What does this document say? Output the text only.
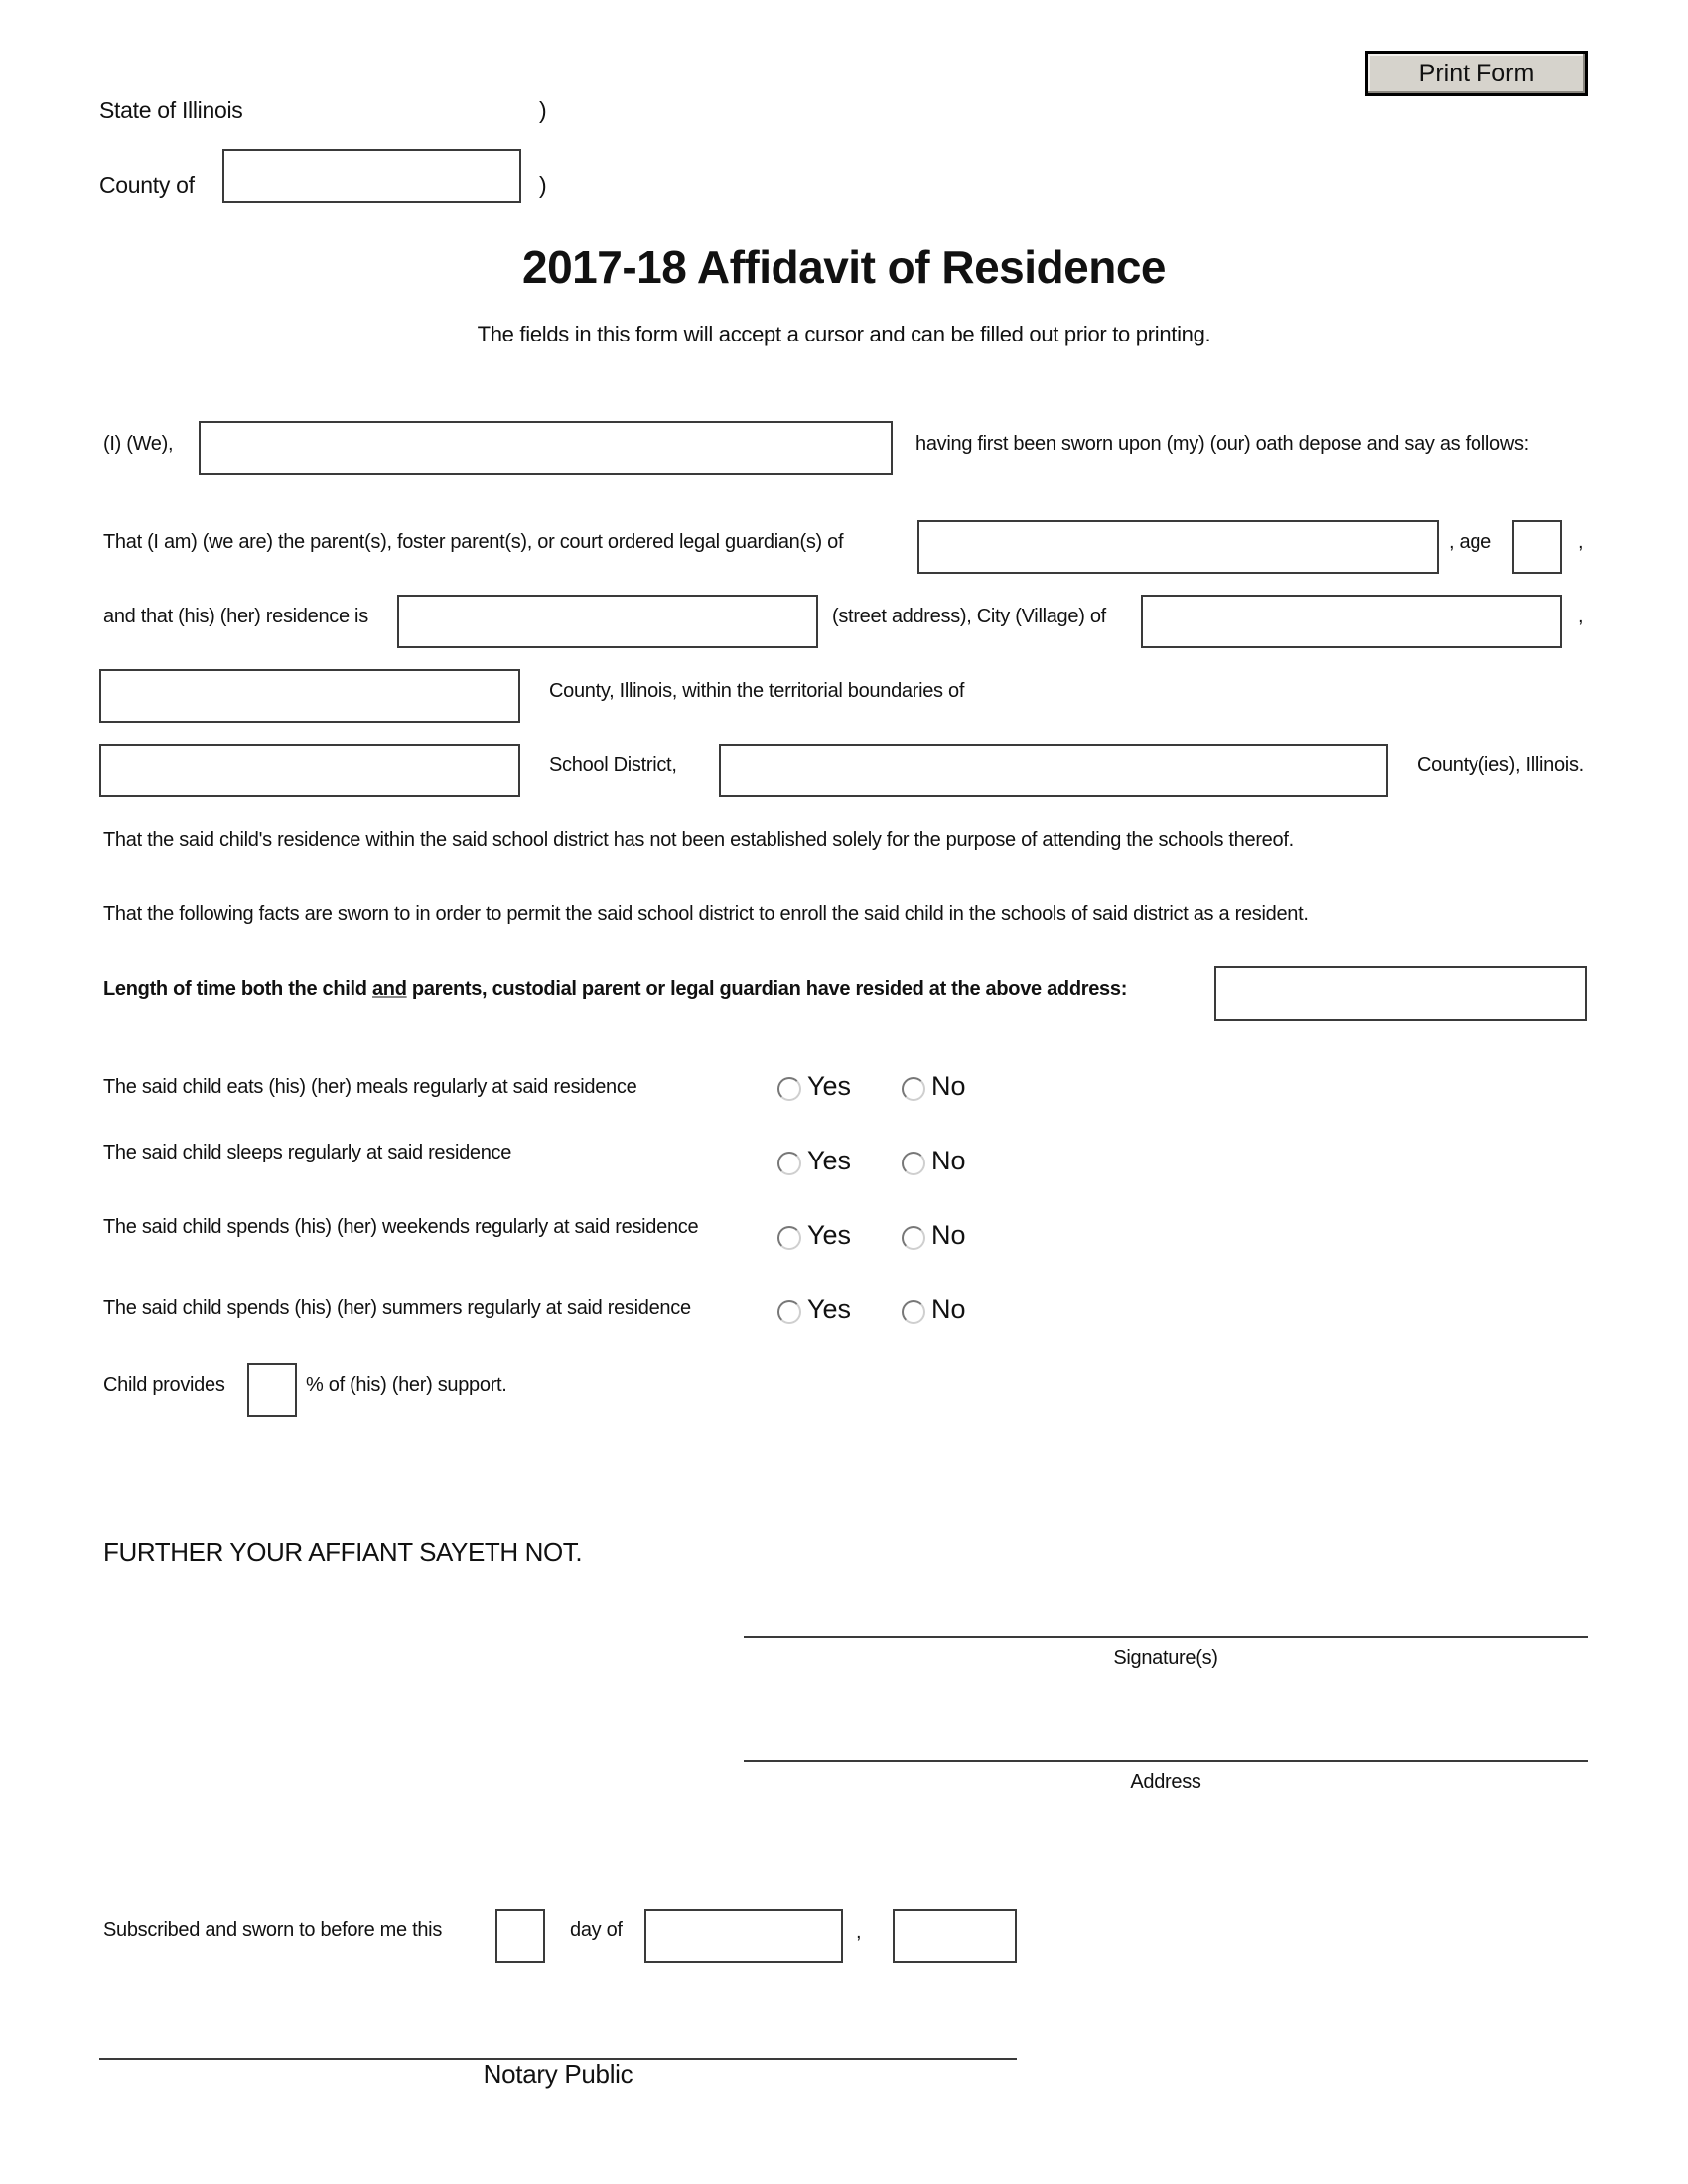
Print Form
State of Illinois	)
County of	)
2017-18 Affidavit of Residence
The fields in this form will accept a cursor and can be filled out prior to printing.
(I) (We),	having first been sworn upon (my) (our) oath depose and say as follows:
That (I am) (we are) the parent(s), foster parent(s), or court ordered legal guardian(s) of	, age	,
and that (his) (her) residence is	(street address), City (Village) of	,
County, Illinois, within the territorial boundaries of
School District,	County(ies), Illinois.
That the said child's residence within the said school district has not been established solely for the purpose of attending the schools thereof.
That the following facts are sworn to in order to permit the said school district to enroll the said child in the schools of said district as a resident.
Length of time both the child and parents, custodial parent or legal guardian have resided at the above address:
The said child eats (his) (her) meals regularly at said residence	Yes	No
The said child sleeps regularly at said residence	Yes	No
The said child spends (his) (her) weekends regularly at said residence	Yes	No
The said child spends (his) (her) summers regularly at said residence	Yes	No
Child provides	% of (his) (her) support.
FURTHER YOUR AFFIANT SAYETH NOT.
Signature(s)
Address
Subscribed and sworn to before me this	day of	,
Notary Public
